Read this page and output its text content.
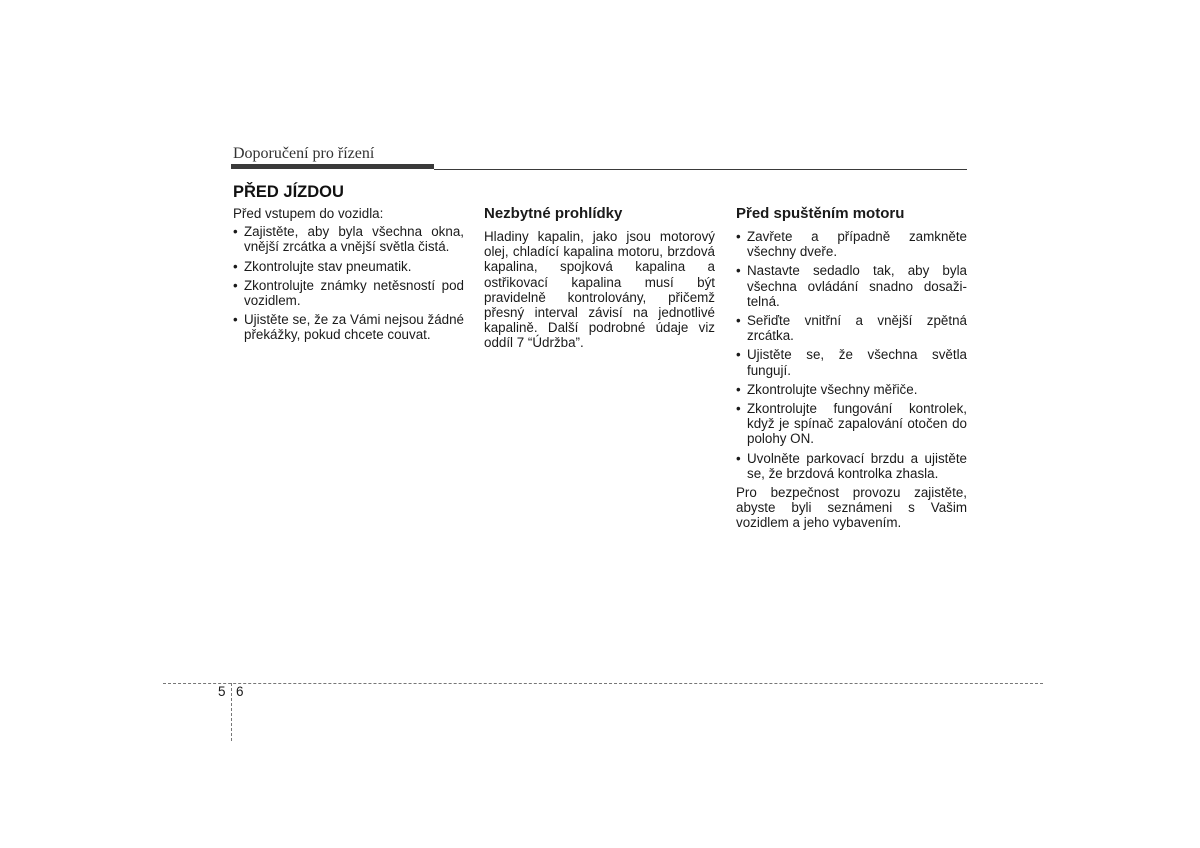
Doporučení pro řízení
PŘED JÍZDOU

Před vstupem do vozidla:

• Zajistěte, aby byla všechna okna, vnější zrcátka a vnější světla čistá.
• Zkontrolujte stav pneumatik.
• Zkontrolujte známky netěsností pod vozidlem.
• Ujistěte se, že za Vámi nejsou žádné překážky, pokud chcete couvat.
Nezbytné prohlídky

Hladiny kapalin, jako jsou motorový olej, chladící kapalina motoru, brzdová kapalina, spojková kapalina a ostřikovací kapalina musí být pravidelně kontrolovány, přičemž přesný interval závisí na jednotlivé kapalině. Další podrobné údaje viz oddíl 7 “Údržba”.

Před spuštěním motoru
• Zavřete a případně zamkněte všechny dveře.
• Nastavte sedadlo tak, aby byla všechna ovládání snadno dosaži-telná.
• Seřiďte vnitřní a vnější zpětná zrcátka.
• Ujistěte se, že všechna světla fungují.
• Zkontrolujte všechny měřiče.
• Zkontrolujte fungování kontrolek, když je spínač zapalování otočen do polohy ON.
• Uvolněte parkovací brzdu a ujistěte se, že brzdová kontrolka zhasla.

Pro bezpečnost provozu zajistěte, abyste byli seznámeni s Vašim vozidlem a jeho vybavením.

5 6
